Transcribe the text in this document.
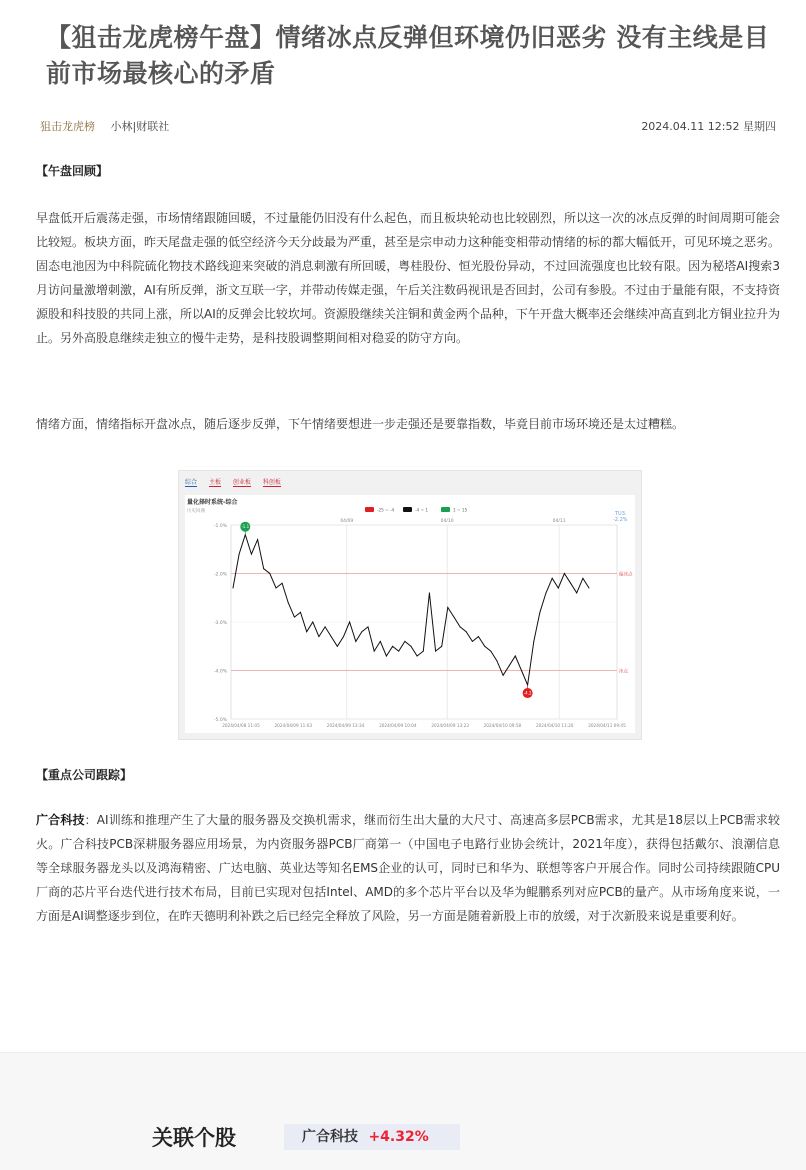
【狙击龙虎榜午盘】情绪冰点反弹但环境仍旧恶劣 没有主线是目前市场最核心的矛盾
狙击龙虎榜 小林|财联社	2024.04.11 12:52 星期四
【午盘回顾】
早盘低开后震荡走强，市场情绪跟随回暖，不过量能仍旧没有什么起色，而且板块轮动也比较剧烈，所以这一次的冰点反弹的时间周期可能会比较短。板块方面，昨天尾盘走强的低空经济今天分歧最为严重，甚至是宗申动力这种能变相带动情绪的标的都大幅低开，可见环境之恶劣。固态电池因为中科院硫化物技术路线迎来突破的消息刺激有所回暖，粤桂股份、恒光股份异动，不过回流强度也比较有限。因为秘塔AI搜索3月访问量激增刺激，AI有所反弹，浙文互联一字，并带动传媒走强，午后关注数码视讯是否回封，公司有参股。不过由于量能有限，不支持资源股和科技股的共同上涨，所以AI的反弹会比较坎坷。资源股继续关注铜和黄金两个品种，下午开盘大概率还会继续冲高直到北方铜业拉升为止。另外高股息继续走独立的慢牛走势，是科技股调整期间相对稳妥的防守方向。
情绪方面，情绪指标开盘冰点，随后逐步反弹，下午情绪要想进一步走强还是要靠指数，毕竟目前市场环境还是太过糟糕。
综合 主板 创业板 科创板
量化择时系统-综合
历史回溯	-25 ~ -4	-4 ~ 1	1 ~ 15
TU3.
-2.2%
-1.1
-4.2
-1.0%
-2.0%
-3.0%
-4.0%
-5.0%
2024/04/08 11:05	2024/04/09 11:03	2024/04/09 13:34	2024/04/09 10:04	2024/04/09 13:23	2024/04/10 09:58	2024/04/10 11:20	2024/04/11 09:45
04/09	04/10	04/11
偏冰点
冰点
【重点公司跟踪】
广合科技：AI训练和推理产生了大量的服务器及交换机需求，继而衍生出大量的大尺寸、高速高多层PCB需求，尤其是18层以上PCB需求较火。广合科技PCB深耕服务器应用场景，为内资服务器PCB厂商第一（中国电子电路行业协会统计，2021年度），获得包括戴尔、浪潮信息等全球服务器龙头以及鸿海精密、广达电脑、英业达等知名EMS企业的认可，同时已和华为、联想等客户开展合作。同时公司持续跟随CPU厂商的芯片平台迭代进行技术布局，目前已实现对包括Intel、AMD的多个芯片平台以及华为鲲鹏系列对应PCB的量产。从市场角度来说，一方面是AI调整逐步到位，在昨天德明利补跌之后已经完全释放了风险，另一方面是随着新股上市的放缓，对于次新股来说是重要利好。
关联个股	广合科技 +4.32%
